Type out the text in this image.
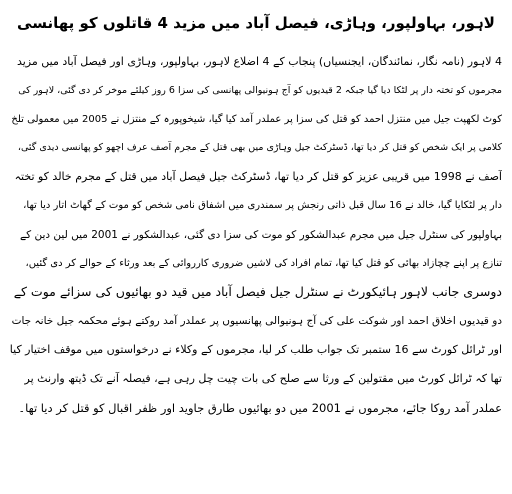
لاہور، بہاولپور، وہاڑی، فیصل آباد میں مزید 4 قاتلوں کو پھانسی
4 لاہور (نامہ نگار، نمائندگان، ایجنسیاں) پنجاب کے 4 اضلاع لاہور، بہاولپور، وہاڑی اور فیصل آباد میں مزید
مجرموں کو تختہ دار پر لٹکا دیا گیا جبکہ 2 قیدیوں کو آج ہونیوالی پھانسی کی سزا 6 روز کیلئے موخر کر دی گئی، لاہور کی
کوٹ لکھپت جیل میں منتزل احمد کو قتل کی سزا پر عملدر آمد کیا گیا، شیخوپورہ کے منتزل نے 2005 میں معمولی تلخ
کلامی پر ایک شخص کو قتل کر دیا تھا، ڈسٹرکٹ جیل وہاڑی میں بھی قتل کے مجرم آصف عرف اچھو کو پھانسی دیدی گئی،
آصف نے 1998 میں قریبی عزیز کو قتل کر دیا تھا، ڈسٹرکٹ جیل فیصل آباد میں قتل کے مجرم خالد کو تختہ
دار پر لٹکایا گیا، خالد نے 16 سال قبل ذاتی رنجش پر سمندری میں اشفاق نامی شخص کو موت کے گھاٹ اتار دیا تھا،
بہاولپور کی سنٹرل جیل میں مجرم عبدالشکور کو موت کی سزا دی گئی، عبدالشکور نے 2001 میں لین دین کے
تنازع پر اپنے چچازاد بھائی کو قتل کیا تھا، تمام افراد کی لاشیں ضروری کارروائی کے بعد ورثاء کے حوالے کر دی گئیں،
دوسری جانب لاہور ہائیکورٹ نے سنٹرل جیل فیصل آباد میں قید دو بھائیوں کی سزائے موت کے
دو قیدیوں اخلاق احمد اور شوکت علی کی آج ہونیوالی پھانسیوں پر عملدر آمد روکتے ہوئے محکمہ جیل خانہ جات
اور ٹرائل کورٹ سے 16 ستمبر تک جواب طلب کر لیا، مجرموں کے وکلاء نے درخواستوں میں موقف اختیار کیا
تھا کہ ٹرائل کورٹ میں مقتولین کے ورثا سے صلح کی بات چیت چل رہی ہے، فیصلہ آنے تک ڈیتھ وارنٹ پر
عملدر آمد روکا جائے، مجرموں نے 2001 میں دو بھائیوں طارق جاوید اور ظفر اقبال کو قتل کر دیا تھا۔
